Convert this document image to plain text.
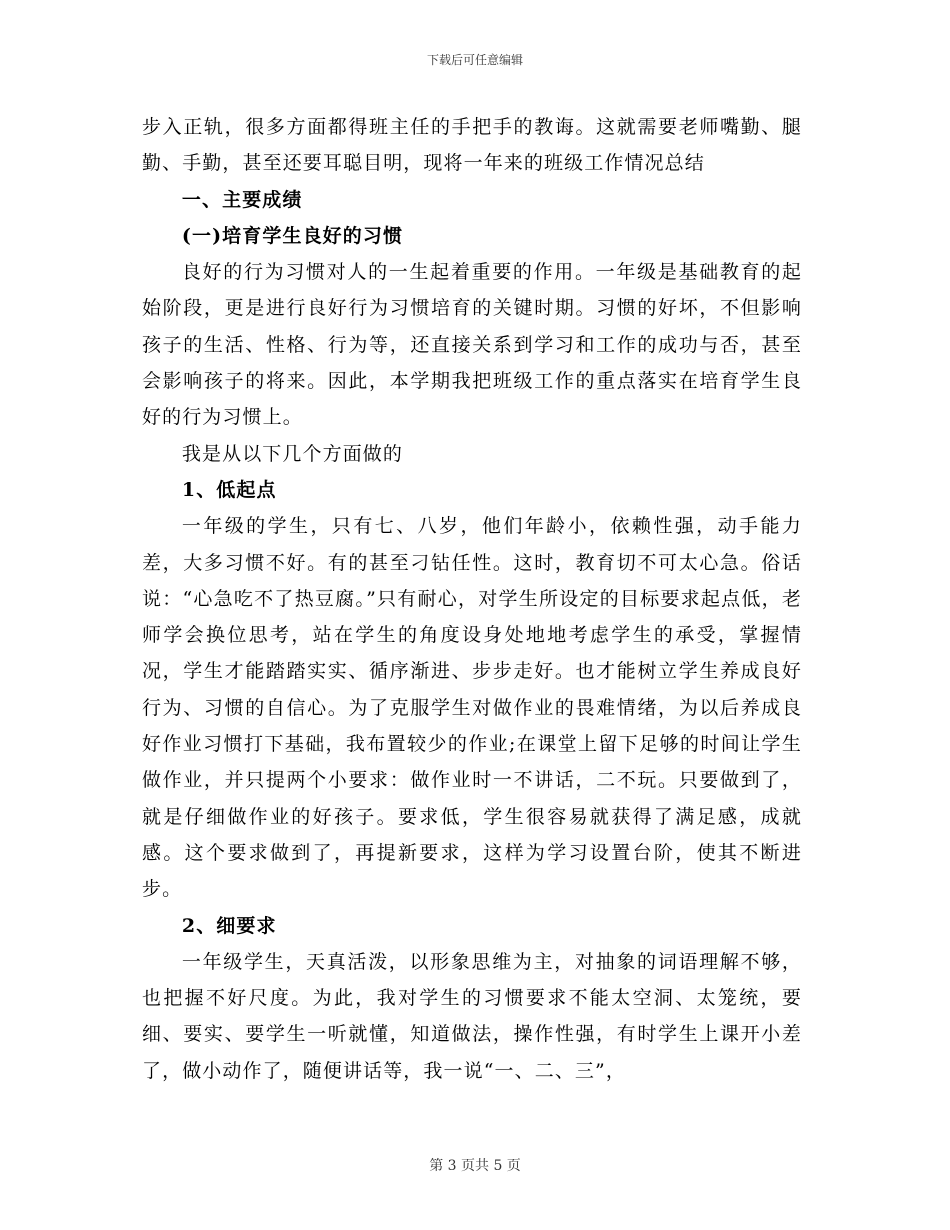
下载后可任意编辑

步入正轨，很多方面都得班主任的手把手的教诲。这就需要老师嘴勤、腿勤、手勤，甚至还要耳聪目明，现将一年来的班级工作情况总结

一、主要成绩

(一)培育学生良好的习惯

良好的行为习惯对人的一生起着重要的作用。一年级是基础教育的起始阶段，更是进行良好行为习惯培育的关键时期。习惯的好坏，不但影响孩子的生活、性格、行为等，还直接关系到学习和工作的成功与否，甚至会影响孩子的将来。因此，本学期我把班级工作的重点落实在培育学生良好的行为习惯上。

我是从以下几个方面做的

1、低起点

一年级的学生，只有七、八岁，他们年龄小，依赖性强，动手能力差，大多习惯不好。有的甚至刁钻任性。这时，教育切不可太心急。俗话说：“心急吃不了热豆腐。”只有耐心，对学生所设定的目标要求起点低，老师学会换位思考，站在学生的角度设身处地地考虑学生的承受，掌握情况，学生才能踏踏实实、循序渐进、步步走好。也才能树立学生养成良好行为、习惯的自信心。为了克服学生对做作业的畏难情绪，为以后养成良好作业习惯打下基础，我布置较少的作业;在课堂上留下足够的时间让学生做作业，并只提两个小要求：做作业时一不讲话，二不玩。只要做到了，就是仔细做作业的好孩子。要求低，学生很容易就获得了满足感，成就感。这个要求做到了，再提新要求，这样为学习设置台阶，使其不断进步。

2、细要求

一年级学生，天真活泼，以形象思维为主，对抽象的词语理解不够，也把握不好尺度。为此，我对学生的习惯要求不能太空洞、太笼统，要细、要实、要学生一听就懂，知道做法，操作性强，有时学生上课开小差了，做小动作了，随便讲话等，我一说“一、二、三”，

第 3 页共 5 页
